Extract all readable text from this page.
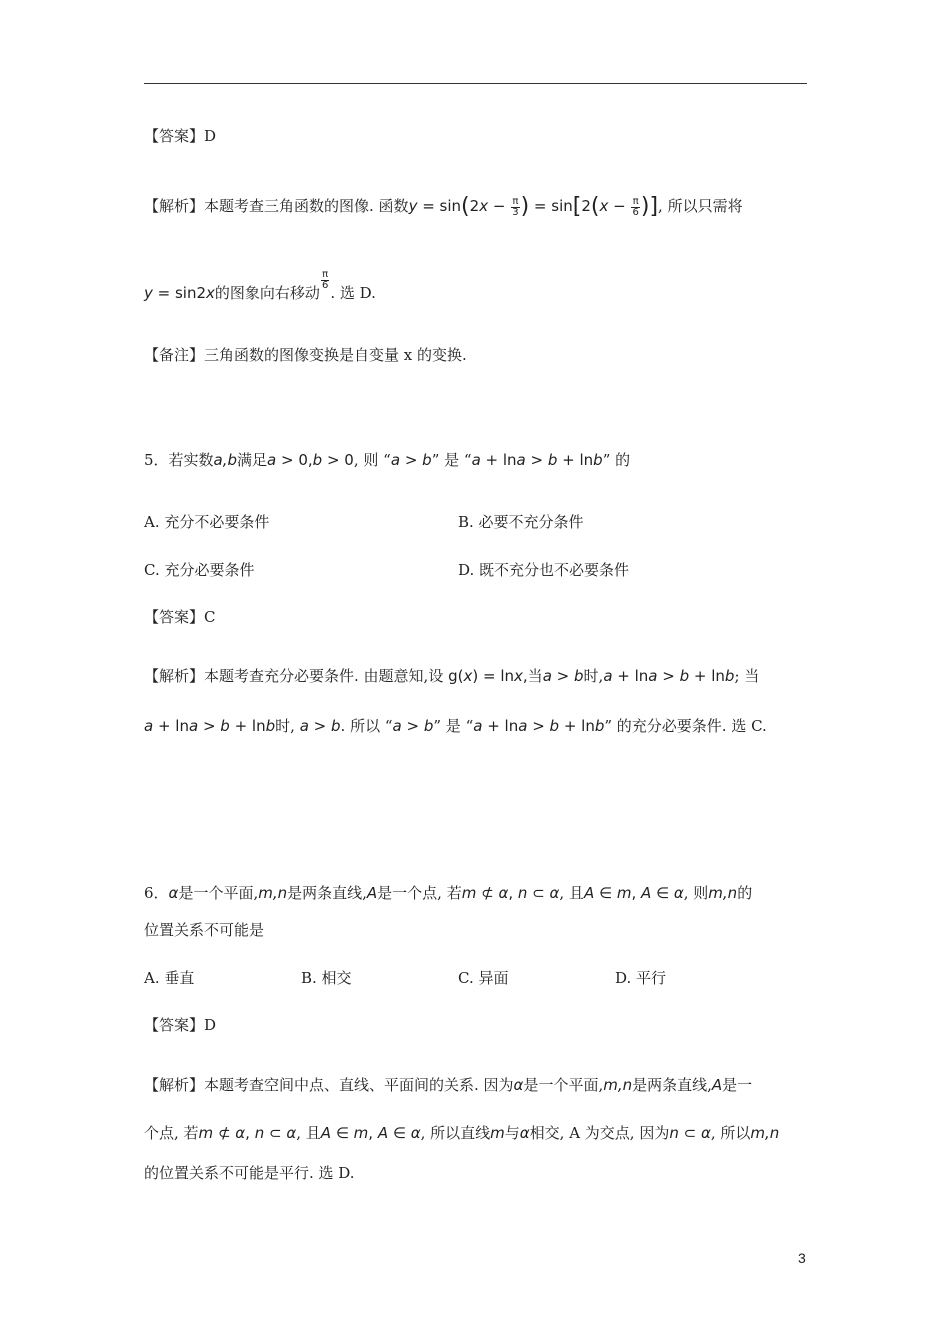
【答案】D
【解析】本题考查三角函数的图像. 函数$y = \sin(2x - \frac{\pi}{3}$ ) = $\sin[2(x - \frac{\pi}{6}$ )], 所以只需将
y = sin2x的图象向右移动
$\frac{\pi}{6}$
. 选 D.
【备注】三角函数的图像变换是自变量 x 的变换.
5．若实数a,b满足a > 0,b > 0, 则 “a > b” 是 “a + lna > b + lnb” 的
A. 充分不必要条件	B. 必要不充分条件
C. 充分必要条件	D. 既不充分也不必要条件
【答案】C
【解析】本题考查充分必要条件. 由题意知,设 g(x) = lnx,当a > b时,a + lna > b + lnb; 当
a + lna > b + lnb时, a > b. 所以 “a > b” 是 “a + lna > b + lnb” 的充分必要条件. 选 C.
6．α是一个平面,m,n是两条直线,A是一个点, 若m ⊄ α, n ⊂ α, 且A ∈ m, A ∈ α, 则m,n的
位置关系不可能是
A. 垂直	B. 相交	C. 异面	D. 平行
【答案】D
【解析】本题考查空间中点、直线、平面间的关系. 因为α是一个平面,m,n是两条直线,A是一
个点, 若m ⊄ α, n ⊂ α, 且A ∈ m, A ∈ α, 所以直线m与α相交, A 为交点, 因为n ⊂ α, 所以m,n
的位置关系不可能是平行. 选 D.
3
